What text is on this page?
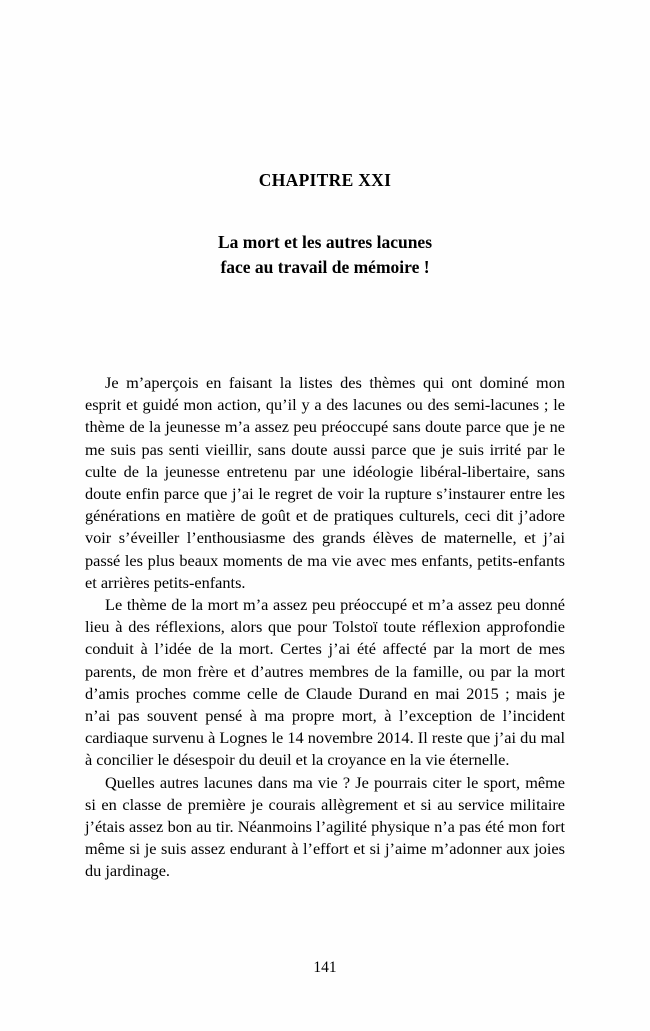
CHAPITRE XXI
La mort et les autres lacunes
face au travail de mémoire !

Je m’aperçois en faisant la listes des thèmes qui ont dominé mon esprit et guidé mon action, qu’il y a des lacunes ou des semi-lacunes ; le thème de la jeunesse m’a assez peu préoccupé sans doute parce que je ne me suis pas senti vieillir, sans doute aussi parce que je suis irrité par le culte de la jeunesse entretenu par une idéologie libéral-libertaire, sans doute enfin parce que j’ai le regret de voir la rupture s’instaurer entre les générations en matière de goût et de pratiques culturels, ceci dit j’adore voir s’éveiller l’enthousiasme des grands élèves de maternelle, et j’ai passé les plus beaux moments de ma vie avec mes enfants, petits-enfants et arrières petits-enfants.

Le thème de la mort m’a assez peu préoccupé et m’a assez peu donné lieu à des réflexions, alors que pour Tolstoï toute réflexion approfondie conduit à l’idée de la mort. Certes j’ai été affecté par la mort de mes parents, de mon frère et d’autres membres de la famille, ou par la mort d’amis proches comme celle de Claude Durand en mai 2015 ; mais je n’ai pas souvent pensé à ma propre mort, à l’exception de l’incident cardiaque survenu à Lognes le 14 novembre 2014. Il reste que j’ai du mal à concilier le désespoir du deuil et la croyance en la vie éternelle.

Quelles autres lacunes dans ma vie ? Je pourrais citer le sport, même si en classe de première je courais allègrement et si au service militaire j’étais assez bon au tir. Néanmoins l’agilité physique n’a pas été mon fort même si je suis assez endurant à l’effort et si j’aime m’adonner aux joies du jardinage.

141
